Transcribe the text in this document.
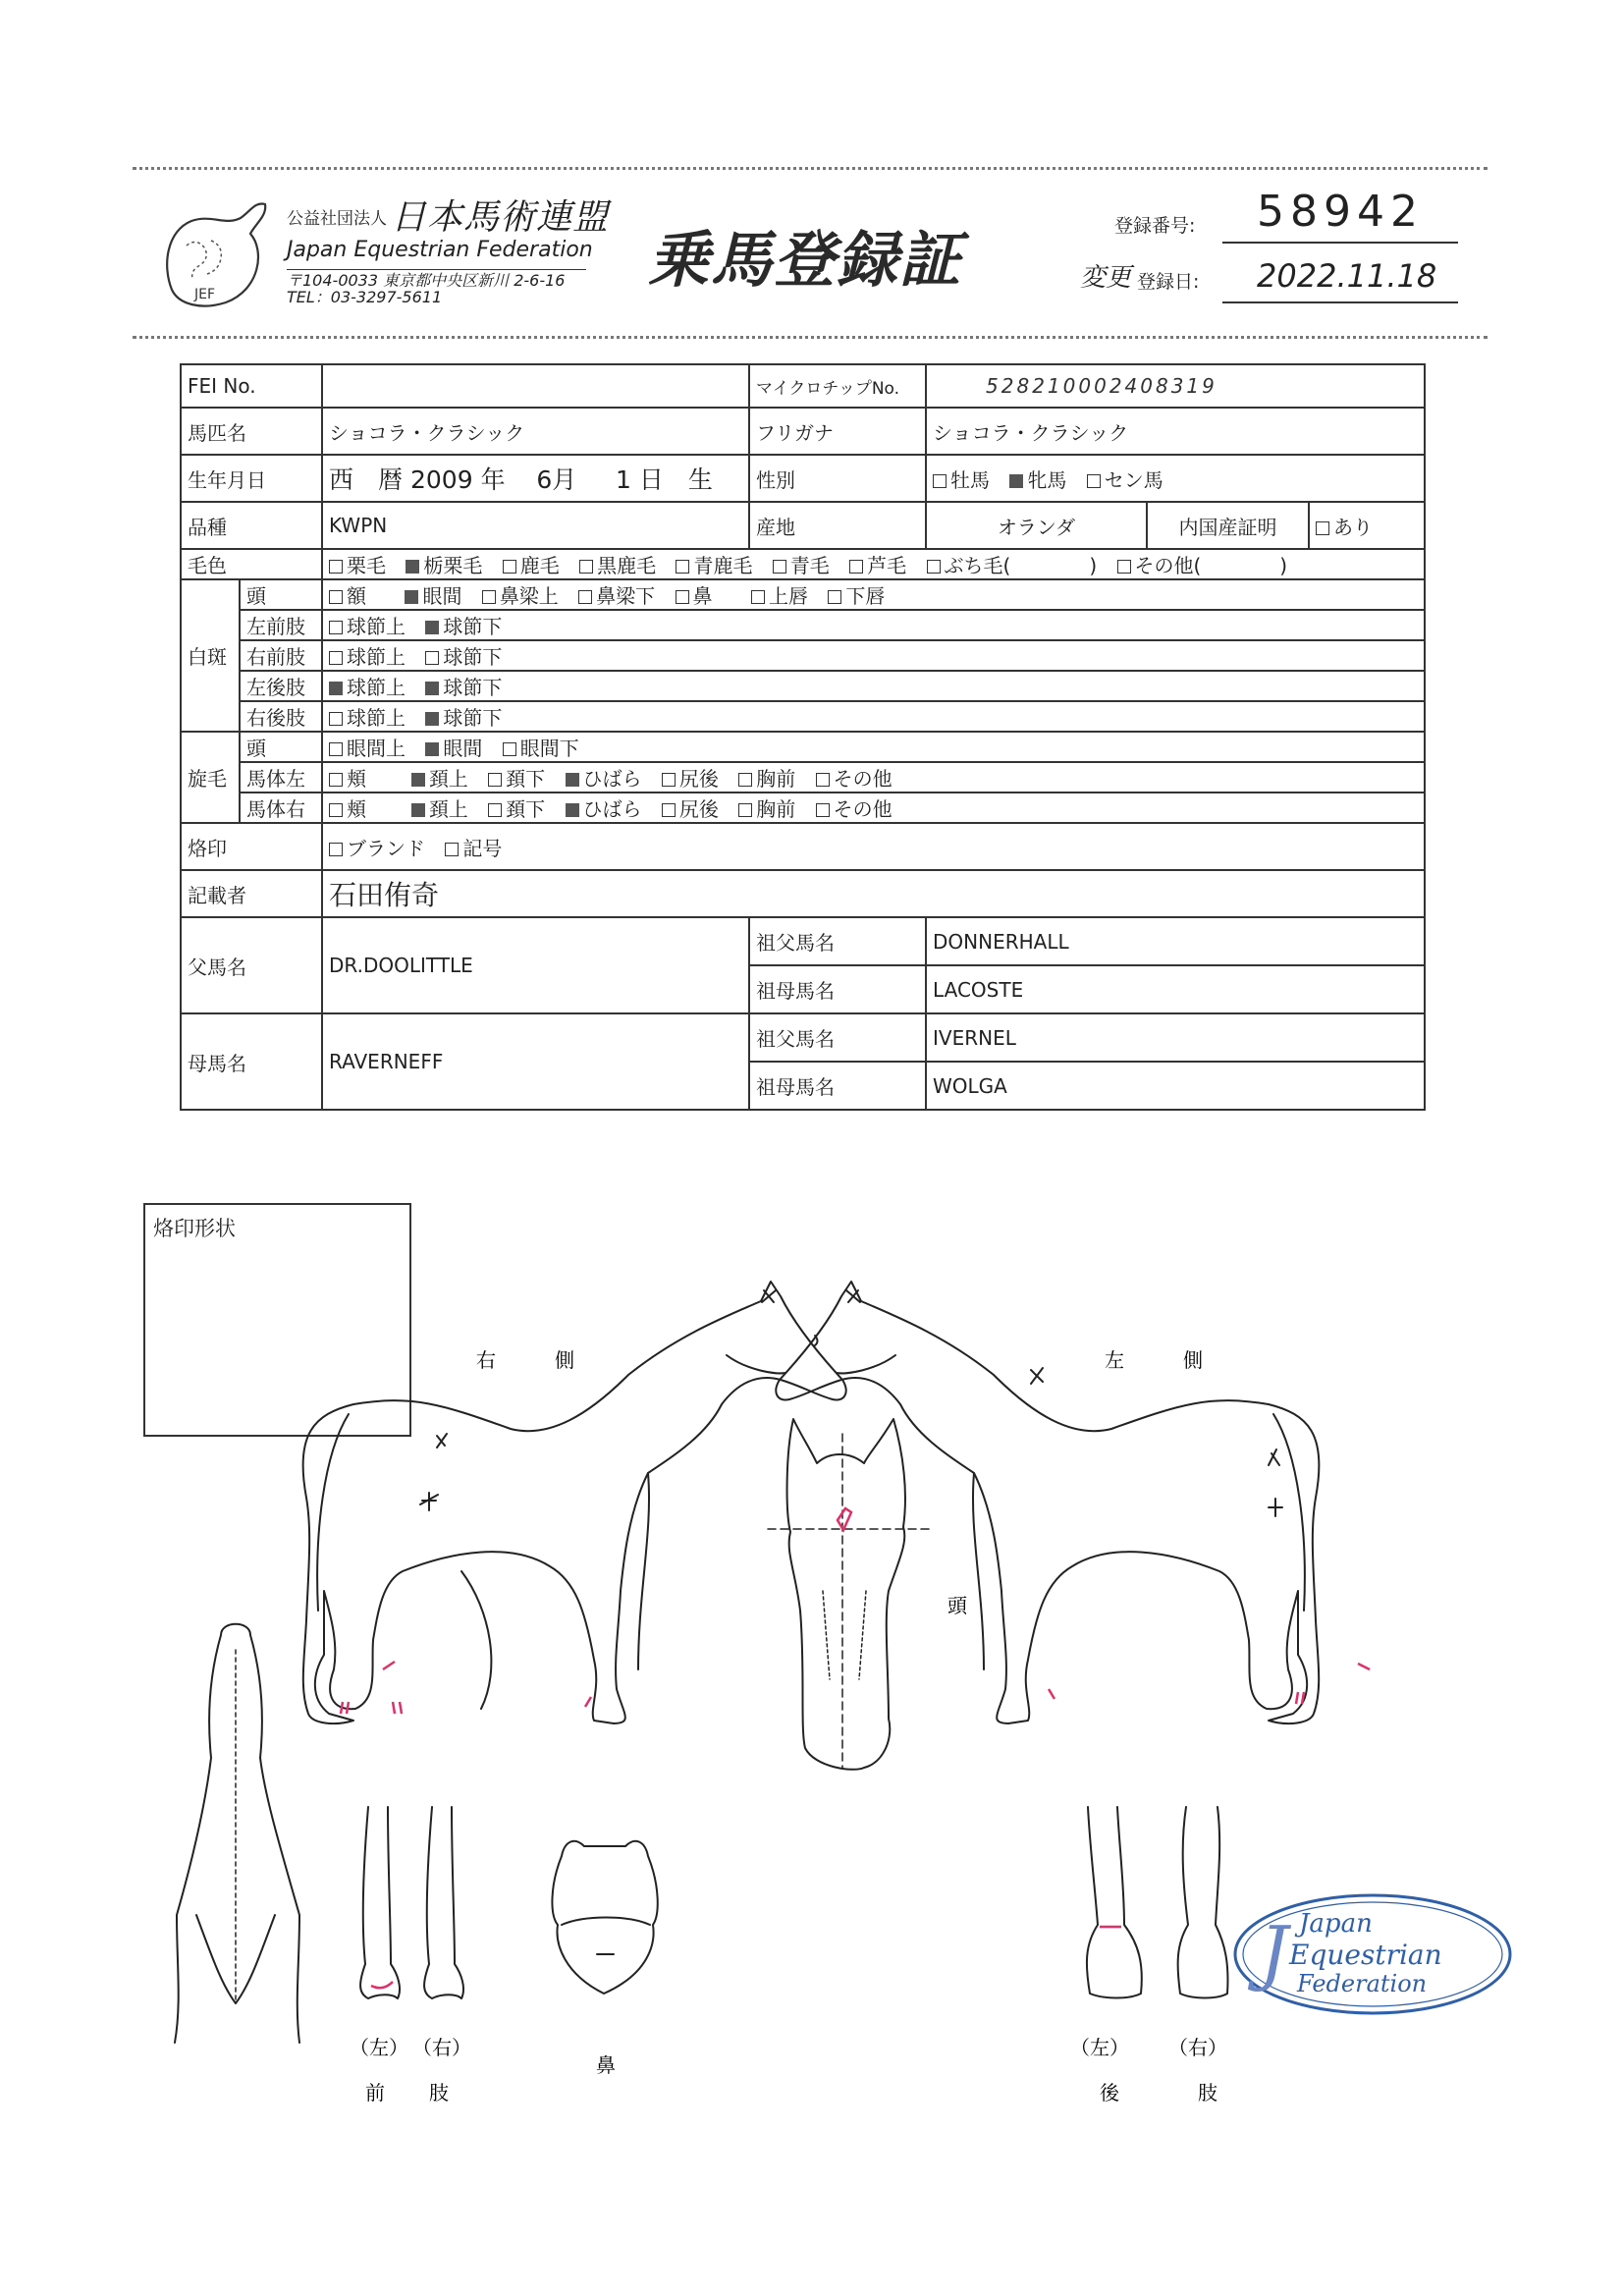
JEF
公益社団法人 日本馬術連盟
Japan Equestrian Federation
〒104-0033 東京都中央区新川 2-6-16
TEL：03-3297-5611
乗馬登録証	登録番号: 58942
変更 登録日: 2022.11.18
FEI No.			マイクロチップNo.	528210002408319		
馬匹名		ショコラ・クラシック	フリガナ	ショコラ・クラシック		
生年月日		西　暦 2009 年 6月 1 日　生	性別	牡馬 牝馬 セン馬		
品種		KWPN	産地	オランダ	内国産証明	あり
毛色		栗毛 栃栗毛 鹿毛 黒鹿毛 青鹿毛 青毛 芦毛 ぶち毛(　　　　) その他(　　　　)				
白斑	頭	額 眼間 鼻梁上 鼻梁下 鼻 上唇 下唇				
	左前肢	球節上 球節下				
	右前肢	球節上 球節下				
	左後肢	球節上 球節下				
	右後肢	球節上 球節下				
旋毛	頭	眼間上 眼間 眼間下				
	馬体左	頬 頚上 頚下 ひばら 尻後 胸前 その他				
	馬体右	頬 頚上 頚下 ひばら 尻後 胸前 その他				
烙印		ブランド 記号				
記載者		石田侑奇				
父馬名		DR.DOOLITTLE	祖父馬名	DONNERHALL		
			祖母馬名	LACOSTE		
母馬名		RAVERNEFF	祖父馬名	IVERNEL		
			祖母馬名	WOLGA		
烙印形状
右	側	左	側
頭
鼻
（左） （右）
前 肢
（左） （右）
後	肢
J Japan
Equestrian
Federation
